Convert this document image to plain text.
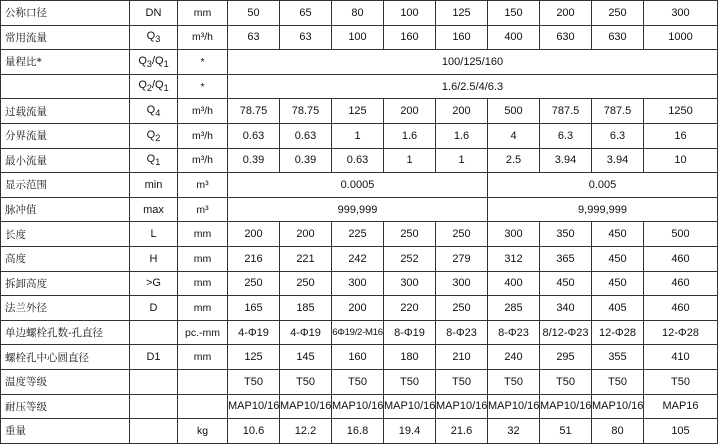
公称口径	DN	mm	50	65	80	100	125	150	200	250	300
常用流量	$Q_3$	m³/h	63	63	100	160	160	400	630	630	1000
量程比*	$Q_3/Q_1$	*	100/125/160								
	$Q_2/Q_1$	*	1.6/2.5/4/6.3								
过载流量	$Q_4$	m³/h	78.75	78.75	125	200	200	500	787.5	787.5	1250
分界流量	$Q_2$	m³/h	0.63	0.63	1	1.6	1.6	4	6.3	6.3	16
最小流量	$Q_1$	m³/h	0.39	0.39	0.63	1	1	2.5	3.94	3.94	10
显示范围	min	m³	0.0005					0.005			
脉冲值	max	m³	999,999					9,999,999			
长度	L	mm	200	200	225	250	250	300	350	450	500
高度	H	mm	216	221	242	252	279	312	365	450	460
拆卸高度	>G	mm	250	250	300	300	300	400	450	450	460
法兰外径	D	mm	165	185	200	220	250	285	340	405	460
单边螺栓孔数-孔直径		pc.-mm	4-Φ19	4-Φ19	6Φ19/2-M16	8-Φ19	8-Φ23	8-Φ23	8/12-Φ23	12-Φ28	12-Φ28
螺栓孔中心圆直径	D1	mm	125	145	160	180	210	240	295	355	410
温度等级			T50	T50	T50	T50	T50	T50	T50	T50	T50
耐压等级			MAP10/16	MAP10/16	MAP10/16	MAP10/16	MAP10/16	MAP10/16	MAP10/16	MAP10/16	MAP16
重量		kg	10.6	12.2	16.8	19.4	21.6	32	51	80	105
